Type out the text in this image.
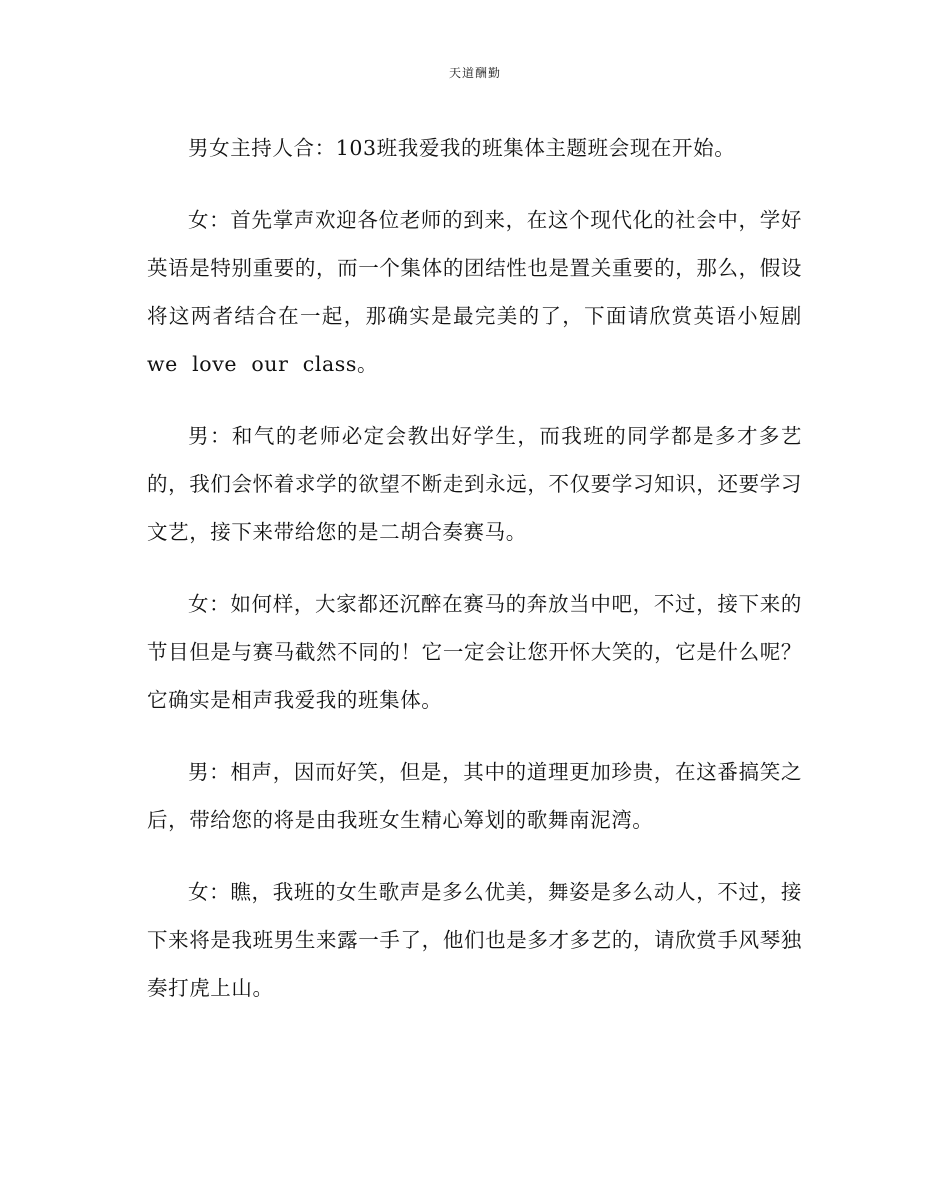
天道酬勤

男女主持人合：103班我爱我的班集体主题班会现在开始。

女：首先掌声欢迎各位老师的到来，在这个现代化的社会中，学好英语是特别重要的，而一个集体的团结性也是置关重要的，那么，假设将这两者结合在一起，那确实是最完美的了，下面请欣赏英语小短剧we  love  our  class。

男：和气的老师必定会教出好学生，而我班的同学都是多才多艺的，我们会怀着求学的欲望不断走到永远，不仅要学习知识，还要学习文艺，接下来带给您的是二胡合奏赛马。

女：如何样，大家都还沉醉在赛马的奔放当中吧，不过，接下来的节目但是与赛马截然不同的！它一定会让您开怀大笑的，它是什么呢？它确实是相声我爱我的班集体。

男：相声，因而好笑，但是，其中的道理更加珍贵，在这番搞笑之后，带给您的将是由我班女生精心筹划的歌舞南泥湾。

女：瞧，我班的女生歌声是多么优美，舞姿是多么动人，不过，接下来将是我班男生来露一手了，他们也是多才多艺的，请欣赏手风琴独奏打虎上山。
